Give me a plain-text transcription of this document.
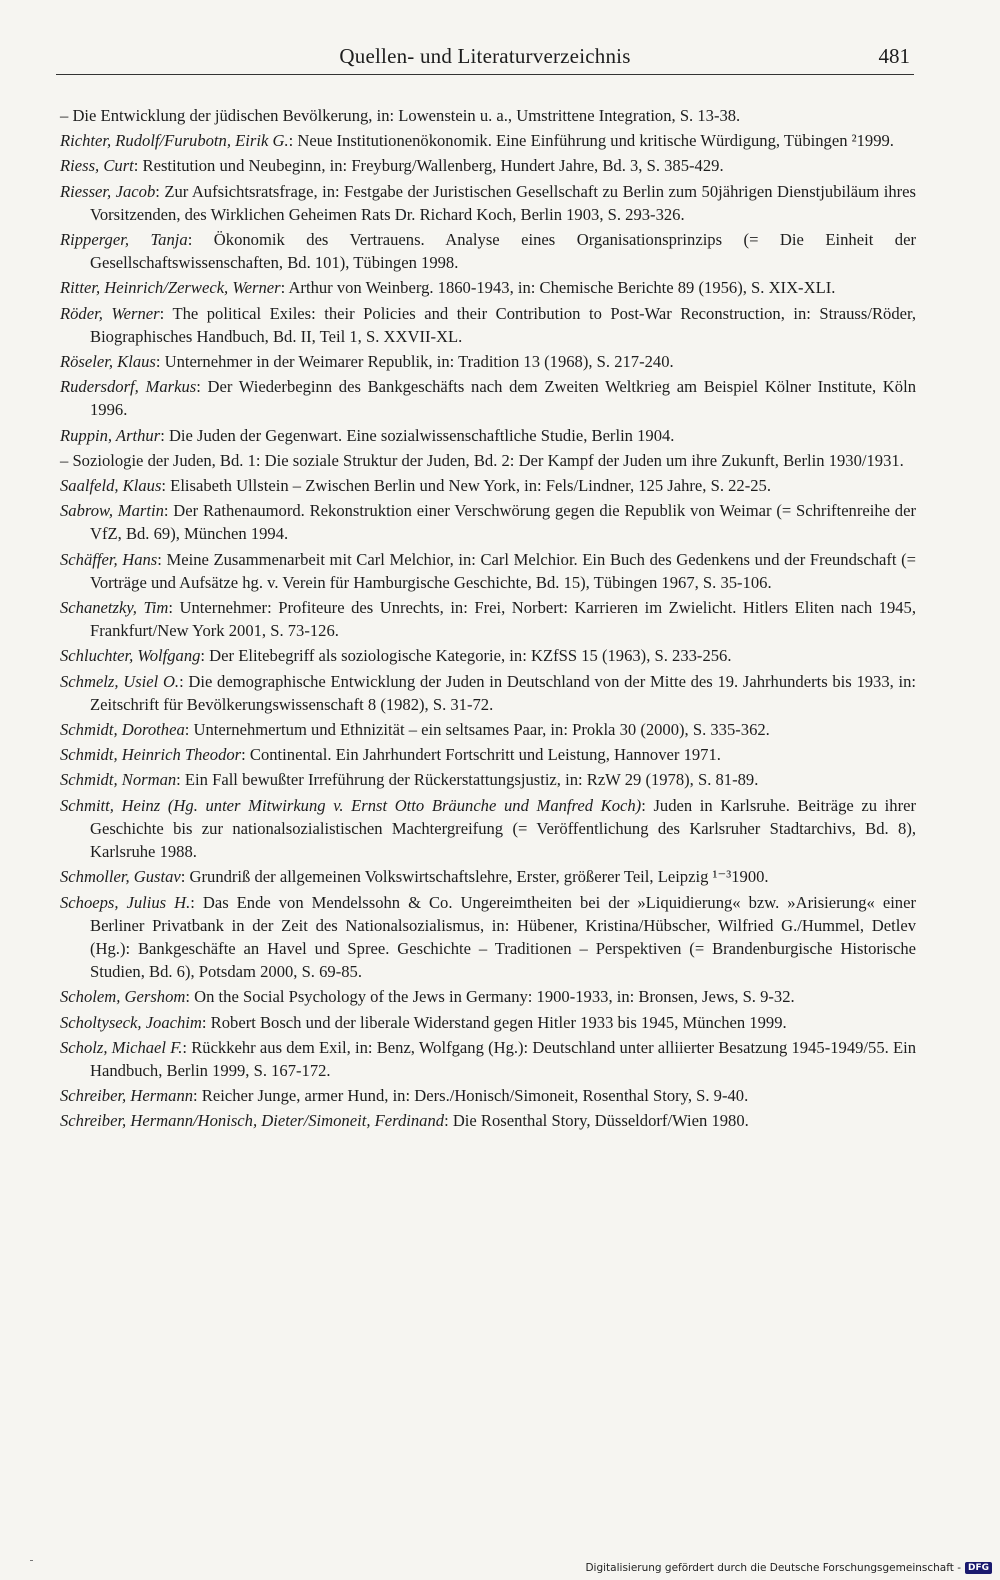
Quellen- und Literaturverzeichnis	481

– Die Entwicklung der jüdischen Bevölkerung, in: Lowenstein u. a., Umstrittene Integration, S. 13-38.

Richter, Rudolf/Furubotn, Eirik G.: Neue Institutionenökonomik. Eine Einführung und kritische Würdigung, Tübingen ²1999.

Riess, Curt: Restitution und Neubeginn, in: Freyburg/Wallenberg, Hundert Jahre, Bd. 3, S. 385-429.

Riesser, Jacob: Zur Aufsichtsratsfrage, in: Festgabe der Juristischen Gesellschaft zu Berlin zum 50jährigen Dienstjubiläum ihres Vorsitzenden, des Wirklichen Geheimen Rats Dr. Richard Koch, Berlin 1903, S. 293-326.

Ripperger, Tanja: Ökonomik des Vertrauens. Analyse eines Organisationsprinzips (= Die Einheit der Gesellschaftswissenschaften, Bd. 101), Tübingen 1998.

Ritter, Heinrich/Zerweck, Werner: Arthur von Weinberg. 1860-1943, in: Chemische Berichte 89 (1956), S. XIX-XLI.

Röder, Werner: The political Exiles: their Policies and their Contribution to Post-War Reconstruction, in: Strauss/Röder, Biographisches Handbuch, Bd. II, Teil 1, S. XXVII-XL.

Röseler, Klaus: Unternehmer in der Weimarer Republik, in: Tradition 13 (1968), S. 217-240.

Rudersdorf, Markus: Der Wiederbeginn des Bankgeschäfts nach dem Zweiten Weltkrieg am Beispiel Kölner Institute, Köln 1996.

Ruppin, Arthur: Die Juden der Gegenwart. Eine sozialwissenschaftliche Studie, Berlin 1904.

– Soziologie der Juden, Bd. 1: Die soziale Struktur der Juden, Bd. 2: Der Kampf der Juden um ihre Zukunft, Berlin 1930/1931.

Saalfeld, Klaus: Elisabeth Ullstein – Zwischen Berlin und New York, in: Fels/Lindner, 125 Jahre, S. 22-25.

Sabrow, Martin: Der Rathenaumord. Rekonstruktion einer Verschwörung gegen die Republik von Weimar (= Schriftenreihe der VfZ, Bd. 69), München 1994.

Schäffer, Hans: Meine Zusammenarbeit mit Carl Melchior, in: Carl Melchior. Ein Buch des Gedenkens und der Freundschaft (= Vorträge und Aufsätze hg. v. Verein für Hamburgische Geschichte, Bd. 15), Tübingen 1967, S. 35-106.

Schanetzky, Tim: Unternehmer: Profiteure des Unrechts, in: Frei, Norbert: Karrieren im Zwielicht. Hitlers Eliten nach 1945, Frankfurt/New York 2001, S. 73-126.

Schluchter, Wolfgang: Der Elitebegriff als soziologische Kategorie, in: KZfSS 15 (1963), S. 233-256.

Schmelz, Usiel O.: Die demographische Entwicklung der Juden in Deutschland von der Mitte des 19. Jahrhunderts bis 1933, in: Zeitschrift für Bevölkerungswissenschaft 8 (1982), S. 31-72.

Schmidt, Dorothea: Unternehmertum und Ethnizität – ein seltsames Paar, in: Prokla 30 (2000), S. 335-362.

Schmidt, Heinrich Theodor: Continental. Ein Jahrhundert Fortschritt und Leistung, Hannover 1971.

Schmidt, Norman: Ein Fall bewußter Irreführung der Rückerstattungsjustiz, in: RzW 29 (1978), S. 81-89.

Schmitt, Heinz (Hg. unter Mitwirkung v. Ernst Otto Bräunche und Manfred Koch): Juden in Karlsruhe. Beiträge zu ihrer Geschichte bis zur nationalsozialistischen Machtergreifung (= Veröffentlichung des Karlsruher Stadtarchivs, Bd. 8), Karlsruhe 1988.

Schmoller, Gustav: Grundriß der allgemeinen Volkswirtschaftslehre, Erster, größerer Teil, Leipzig ¹⁻³1900.

Schoeps, Julius H.: Das Ende von Mendelssohn & Co. Ungereimtheiten bei der »Liquidierung« bzw. »Arisierung« einer Berliner Privatbank in der Zeit des Nationalsozialismus, in: Hübener, Kristina/Hübscher, Wilfried G./Hummel, Detlev (Hg.): Bankgeschäfte an Havel und Spree. Geschichte – Traditionen – Perspektiven (= Brandenburgische Historische Studien, Bd. 6), Potsdam 2000, S. 69-85.

Scholem, Gershom: On the Social Psychology of the Jews in Germany: 1900-1933, in: Bronsen, Jews, S. 9-32.

Scholtyseck, Joachim: Robert Bosch und der liberale Widerstand gegen Hitler 1933 bis 1945, München 1999.

Scholz, Michael F.: Rückkehr aus dem Exil, in: Benz, Wolfgang (Hg.): Deutschland unter alliierter Besatzung 1945-1949/55. Ein Handbuch, Berlin 1999, S. 167-172.

Schreiber, Hermann: Reicher Junge, armer Hund, in: Ders./Honisch/Simoneit, Rosenthal Story, S. 9-40.

Schreiber, Hermann/Honisch, Dieter/Simoneit, Ferdinand: Die Rosenthal Story, Düsseldorf/Wien 1980.

Digitalisierung gefördert durch die Deutsche Forschungsgemeinschaft - DFG
